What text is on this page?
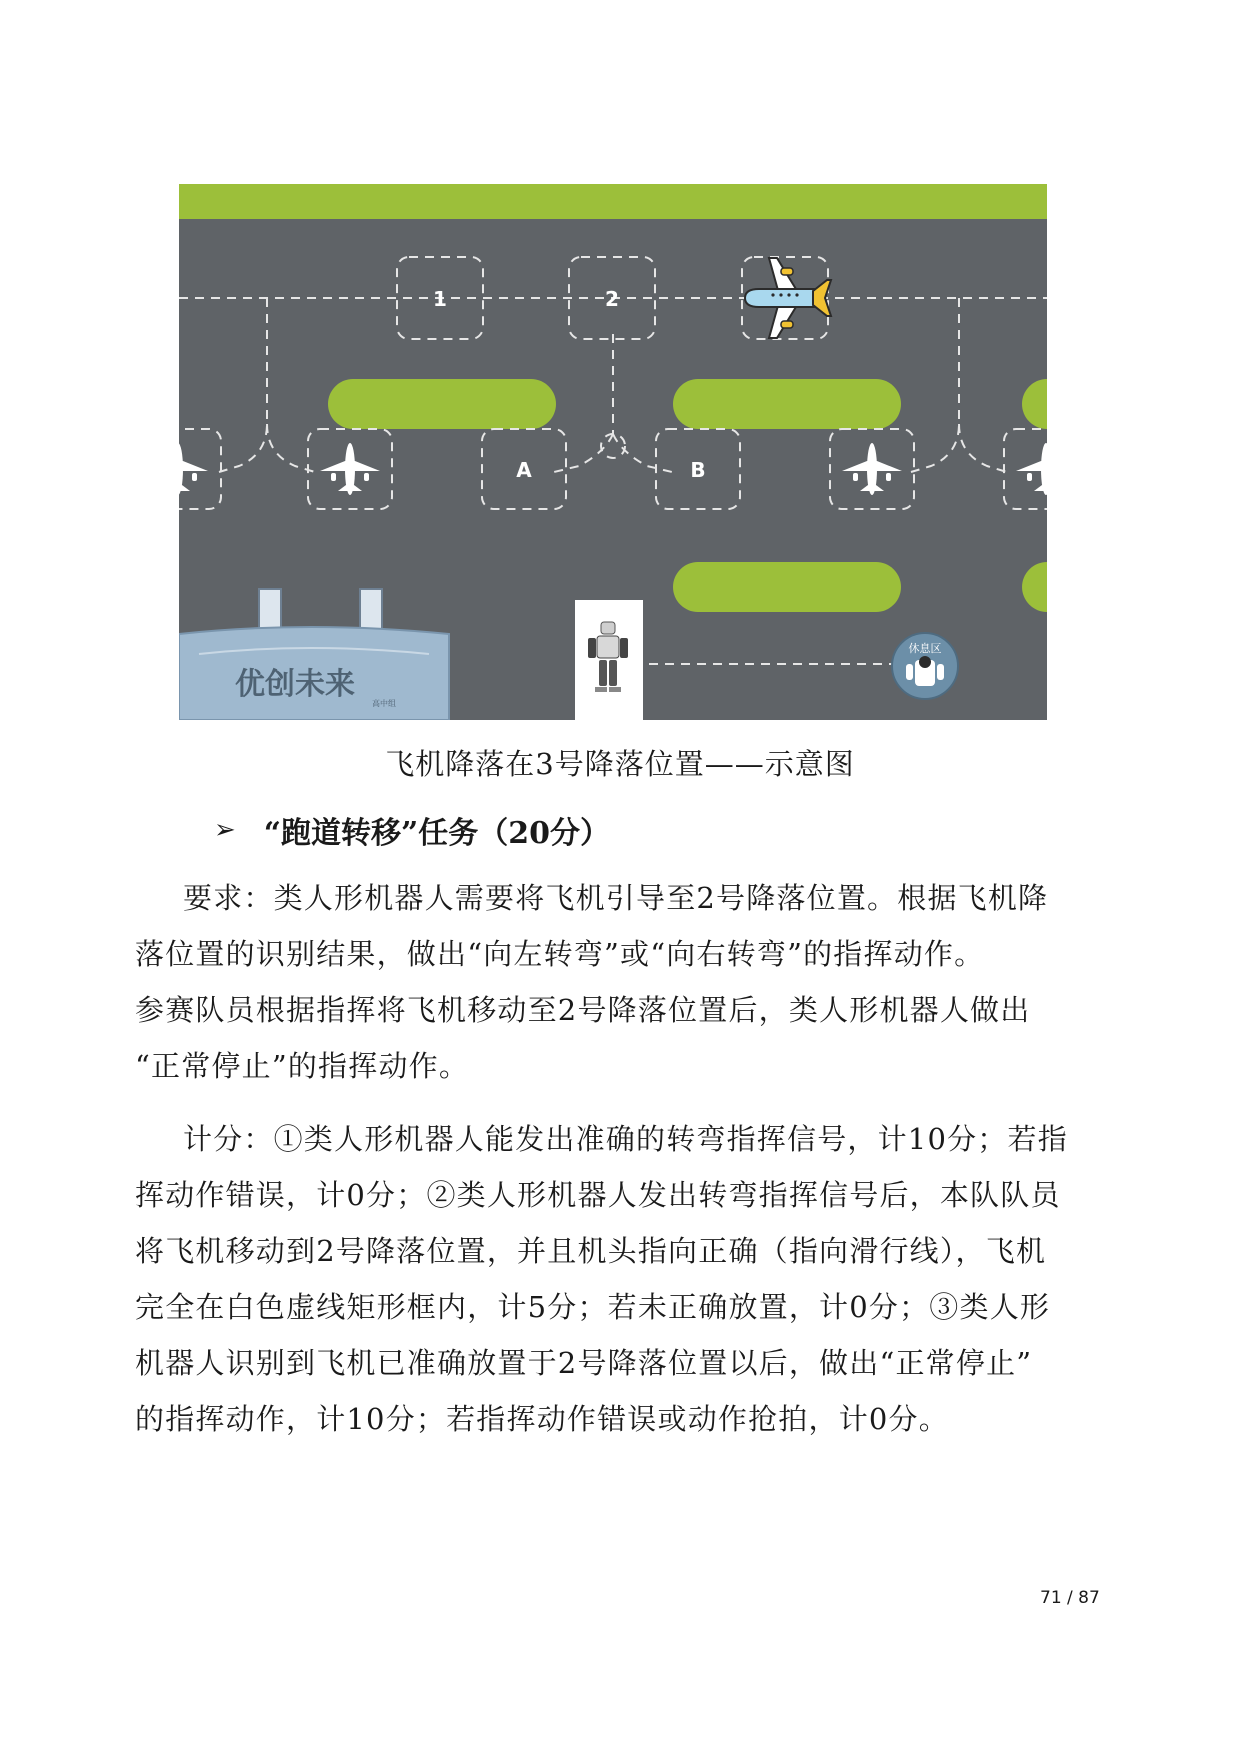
1	2
A	B
优创未来
高中组
休息区
飞机降落在3号降落位置——示意图
➢ “跑道转移”任务（20分）
要求：类人形机器人需要将飞机引导至2号降落位置。根据飞机降
落位置的识别结果，做出“向左转弯”或“向右转弯”的指挥动作。
参赛队员根据指挥将飞机移动至2号降落位置后，类人形机器人做出
“正常停止”的指挥动作。
计分：①类人形机器人能发出准确的转弯指挥信号，计10分；若指
挥动作错误，计0分；②类人形机器人发出转弯指挥信号后，本队队员
将飞机移动到2号降落位置，并且机头指向正确（指向滑行线），飞机
完全在白色虚线矩形框内，计5分；若未正确放置，计0分；③类人形
机器人识别到飞机已准确放置于2号降落位置以后，做出“正常停止”
的指挥动作，计10分；若指挥动作错误或动作抢拍，计0分。
71 / 87
